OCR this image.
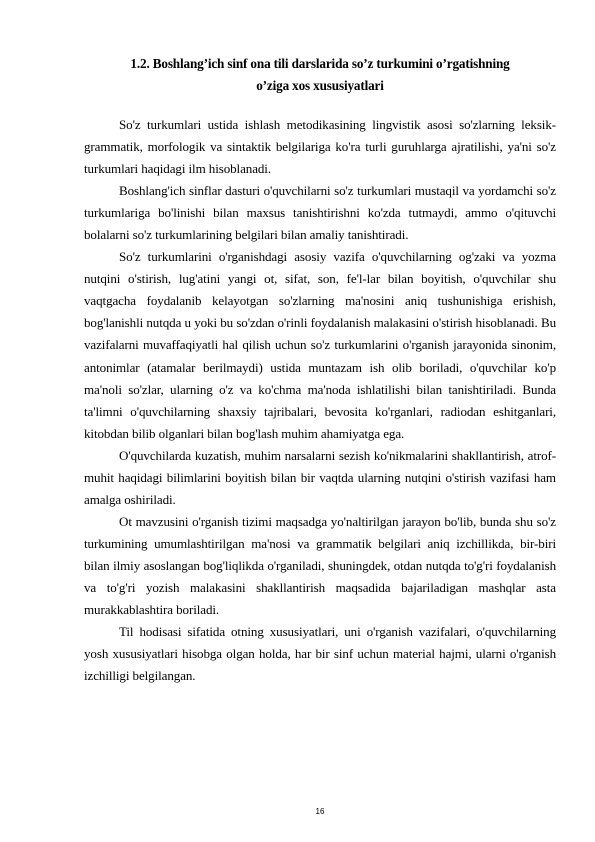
1.2. Boshlang’ich sinf ona tili darslarida so’z turkumini o’rgatishning
o’ziga xos xususiyatlari

So'z turkumlari ustida ishlash metodikasining lingvistik asosi so'zlarning leksik-grammatik, morfologik va sintaktik belgilariga ko'ra turli guruhlarga ajratilishi, ya'ni so'z turkumlari haqidagi ilm hisoblanadi.

Boshlang'ich sinflar dasturi o'quvchilarni so'z turkumlari mustaqil va yordamchi so'z turkumlariga bo'linishi bilan maxsus tanishtirishni ko'zda tutmaydi, ammo o'qituvchi bolalarni so'z turkumlarining belgilari bilan amaliy tanishtiradi.

So'z turkumlarini o'rganishdagi asosiy vazifa o'quvchilarning og'zaki va yozma nutqini o'stirish, lug'atini yangi ot, sifat, son, fe'l-lar bilan boyitish, o'quvchilar shu vaqtgacha foydalanib kelayotgan so'zlarning ma'nosini aniq tushunishiga erishish, bog'lanishli nutqda u yoki bu so'zdan o'rinli foydalanish malakasini o'stirish hisoblanadi. Bu vazifalarni muvaffaqiyatli hal qilish uchun so'z turkumlarini o'rganish jarayonida sinonim, antonimlar (atamalar berilmaydi) ustida muntazam ish olib boriladi, o'quvchilar ko'p ma'noli so'zlar, ularning o'z va ko'chma ma'noda ishlatilishi bilan tanishtiriladi. Bunda ta'limni o'quvchilarning shaxsiy tajribalari, bevosita ko'rganlari, radiodan eshitganlari, kitobdan bilib olganlari bilan bog'lash muhim ahamiyatga ega.

O'quvchilarda kuzatish, muhim narsalarni sezish ko'nikmalarini shakllantirish, atrof-muhit haqidagi bilimlarini boyitish bilan bir vaqtda ularning nutqini o'stirish vazifasi ham amalga oshiriladi.

Ot mavzusini o'rganish tizimi maqsadga yo'naltirilgan jarayon bo'lib, bunda shu so'z turkumining umumlashtirilgan ma'nosi va grammatik belgilari aniq izchillikda, bir-biri bilan ilmiy asoslangan bog'liqlikda o'rganiladi, shuningdek, otdan nutqda to'g'ri foydalanish va to'g'ri yozish malakasini shakllantirish maqsadida bajariladigan mashqlar asta murakkablashtira boriladi.

Til hodisasi sifatida otning xususiyatlari, uni o'rganish vazifalari, o'quvchilarning yosh xususiyatlari hisobga olgan holda, har bir sinf uchun material hajmi, ularni o'rganish izchilligi belgilangan.

16
